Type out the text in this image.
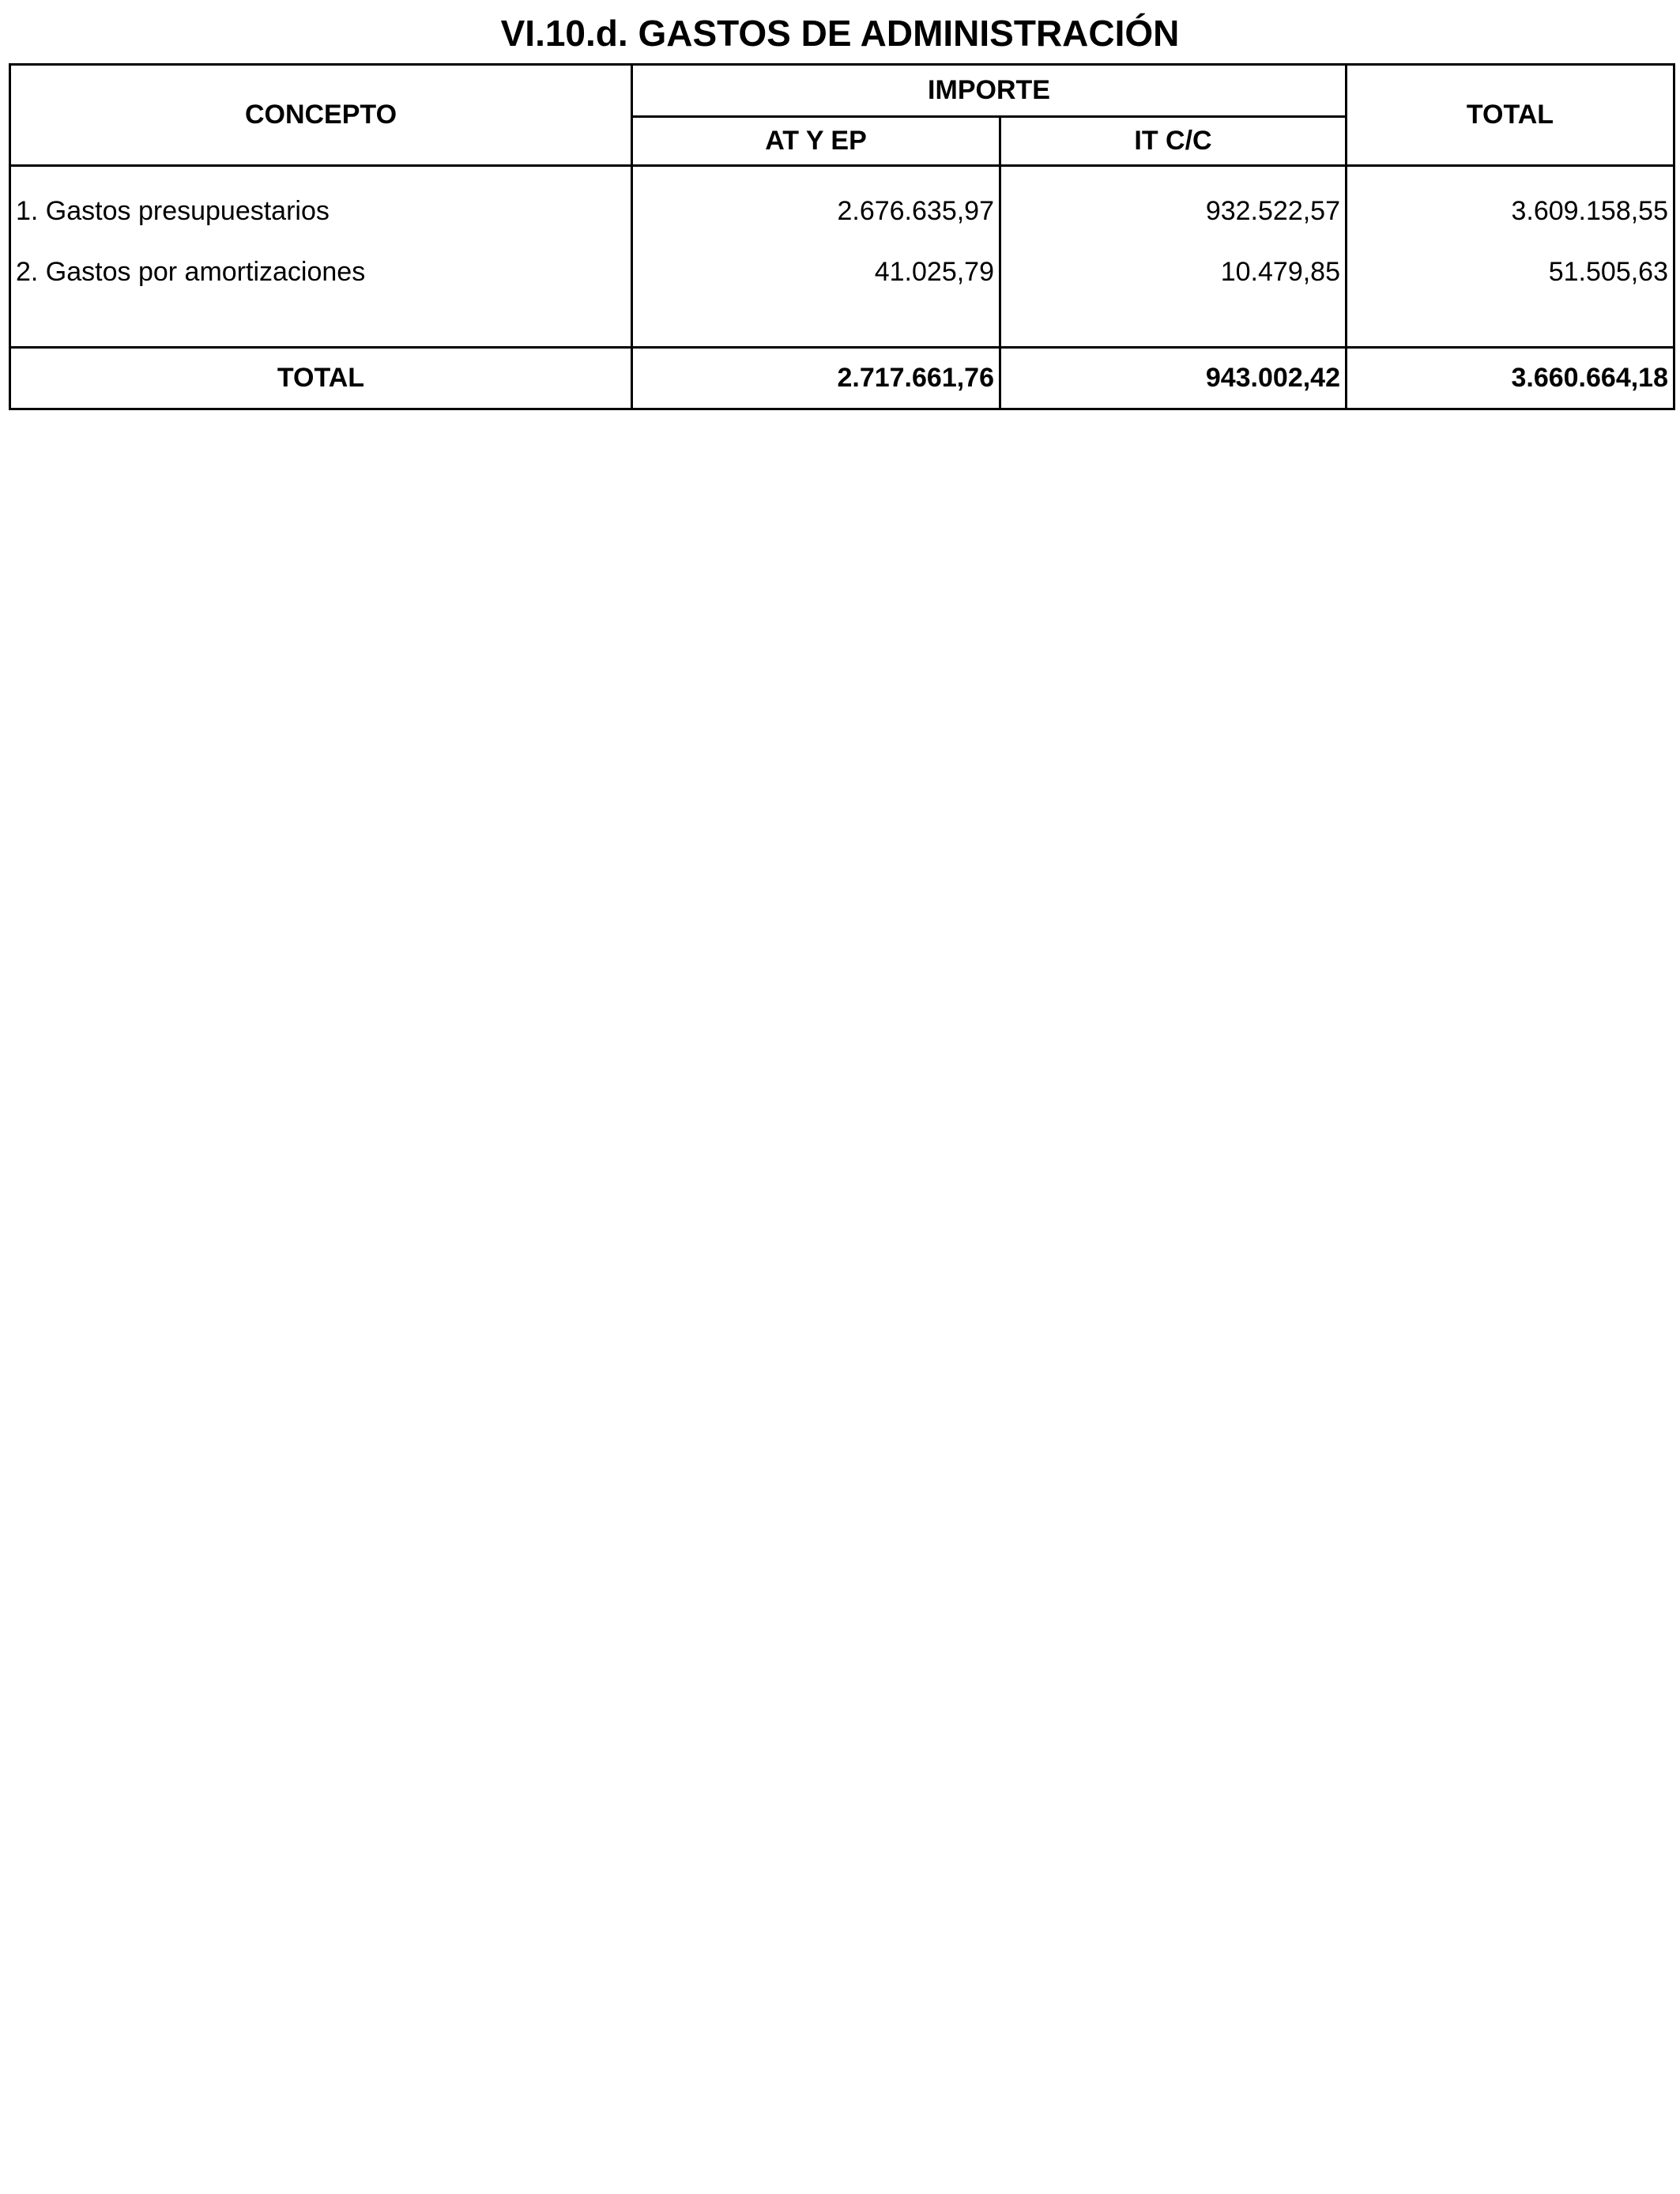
VI.10.d. GASTOS DE ADMINISTRACIÓN
CONCEPTO	IMPORTE		TOTAL
	AT Y EP	IT C/C	
1. Gastos presupuestarios	2.676.635,97	932.522,57	3.609.158,55
2. Gastos por amortizaciones	41.025,79	10.479,85	51.505,63
TOTAL	2.717.661,76	943.002,42	3.660.664,18
